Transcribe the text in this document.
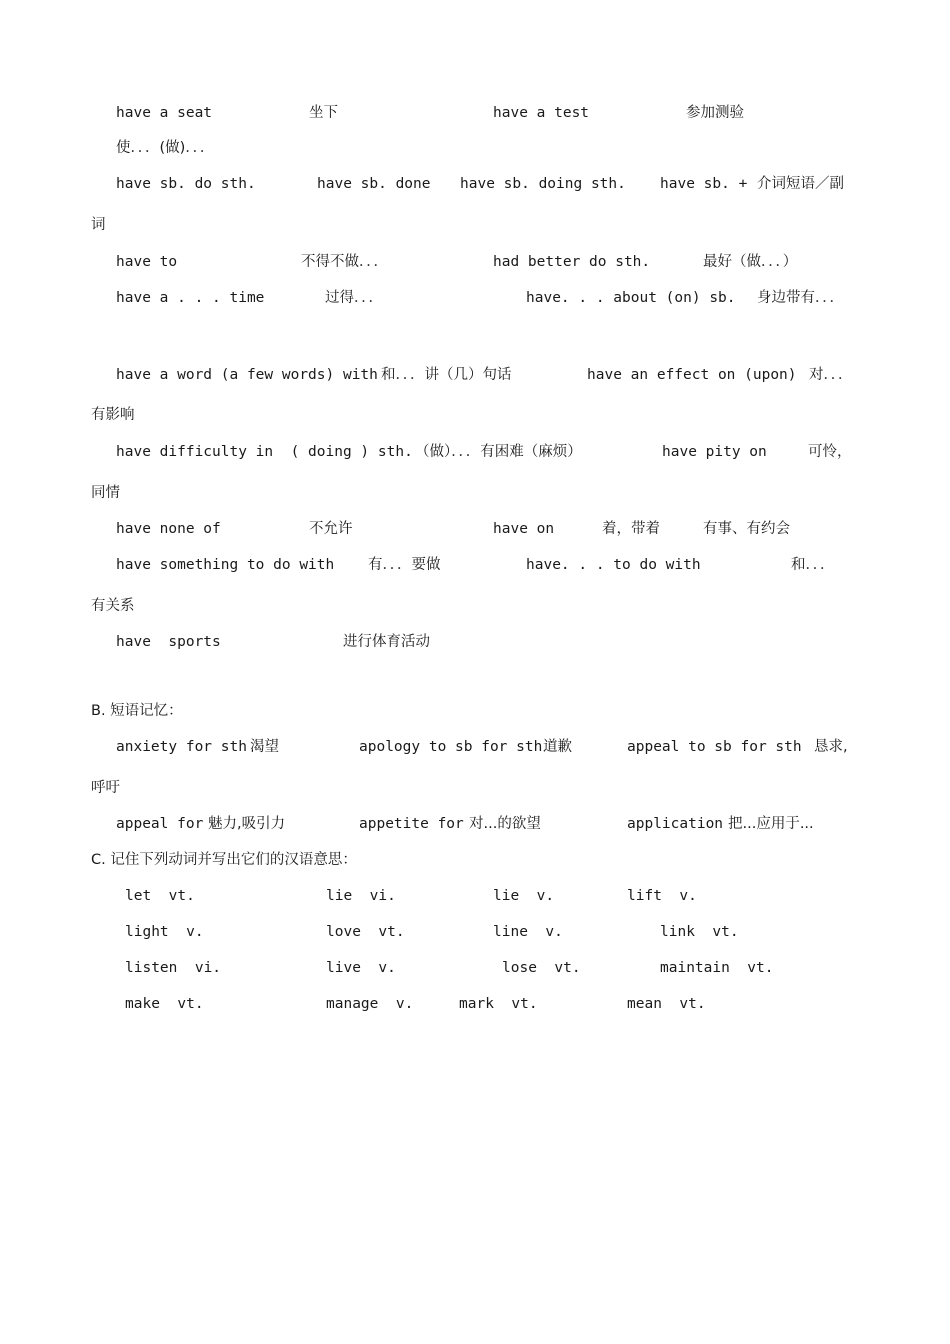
have a seat	坐下	have a test	参加测验
使．．．(做)．．．
have sb. do sth.	have sb. done have sb. doing sth. have sb. + 介词短语／副
词
have to	不得不做．．．	had better do sth.	最好（做．．．）
have a . . . time	过得．．．	have. . . about (on) sb. 身边带有．．．
have a word (a few words) with 和．．．讲（几）句话	have an effect on (upon) 对．．．
有影响
have difficulty in  ( doing ) sth. （做）．．．有困难（麻烦）	have pity on	可怜，
同情
have none of	不允许	have on	着，带着	有事、有约会
have something to do with 有．．．要做	have. . . to do with	和．．．
有关系
have  sports	进行体育活动
B. 短语记忆：
anxiety for sth 渴望	apology to sb for sth 道歉	appeal to sb for sth 恳求,
呼吁
appeal for 魅力,吸引力	appetite for 对...的欲望	application 把...应用于...
C. 记住下列动词并写出它们的汉语意思：
let  vt.	lie  vi.	lie  v.	lift  v.
light  v.	love  vt.	line  v.	link  vt.
listen  vi.	live  v.	lose  vt.	maintain  vt.
make  vt.	manage  v.	mark  vt.	mean  vt.
